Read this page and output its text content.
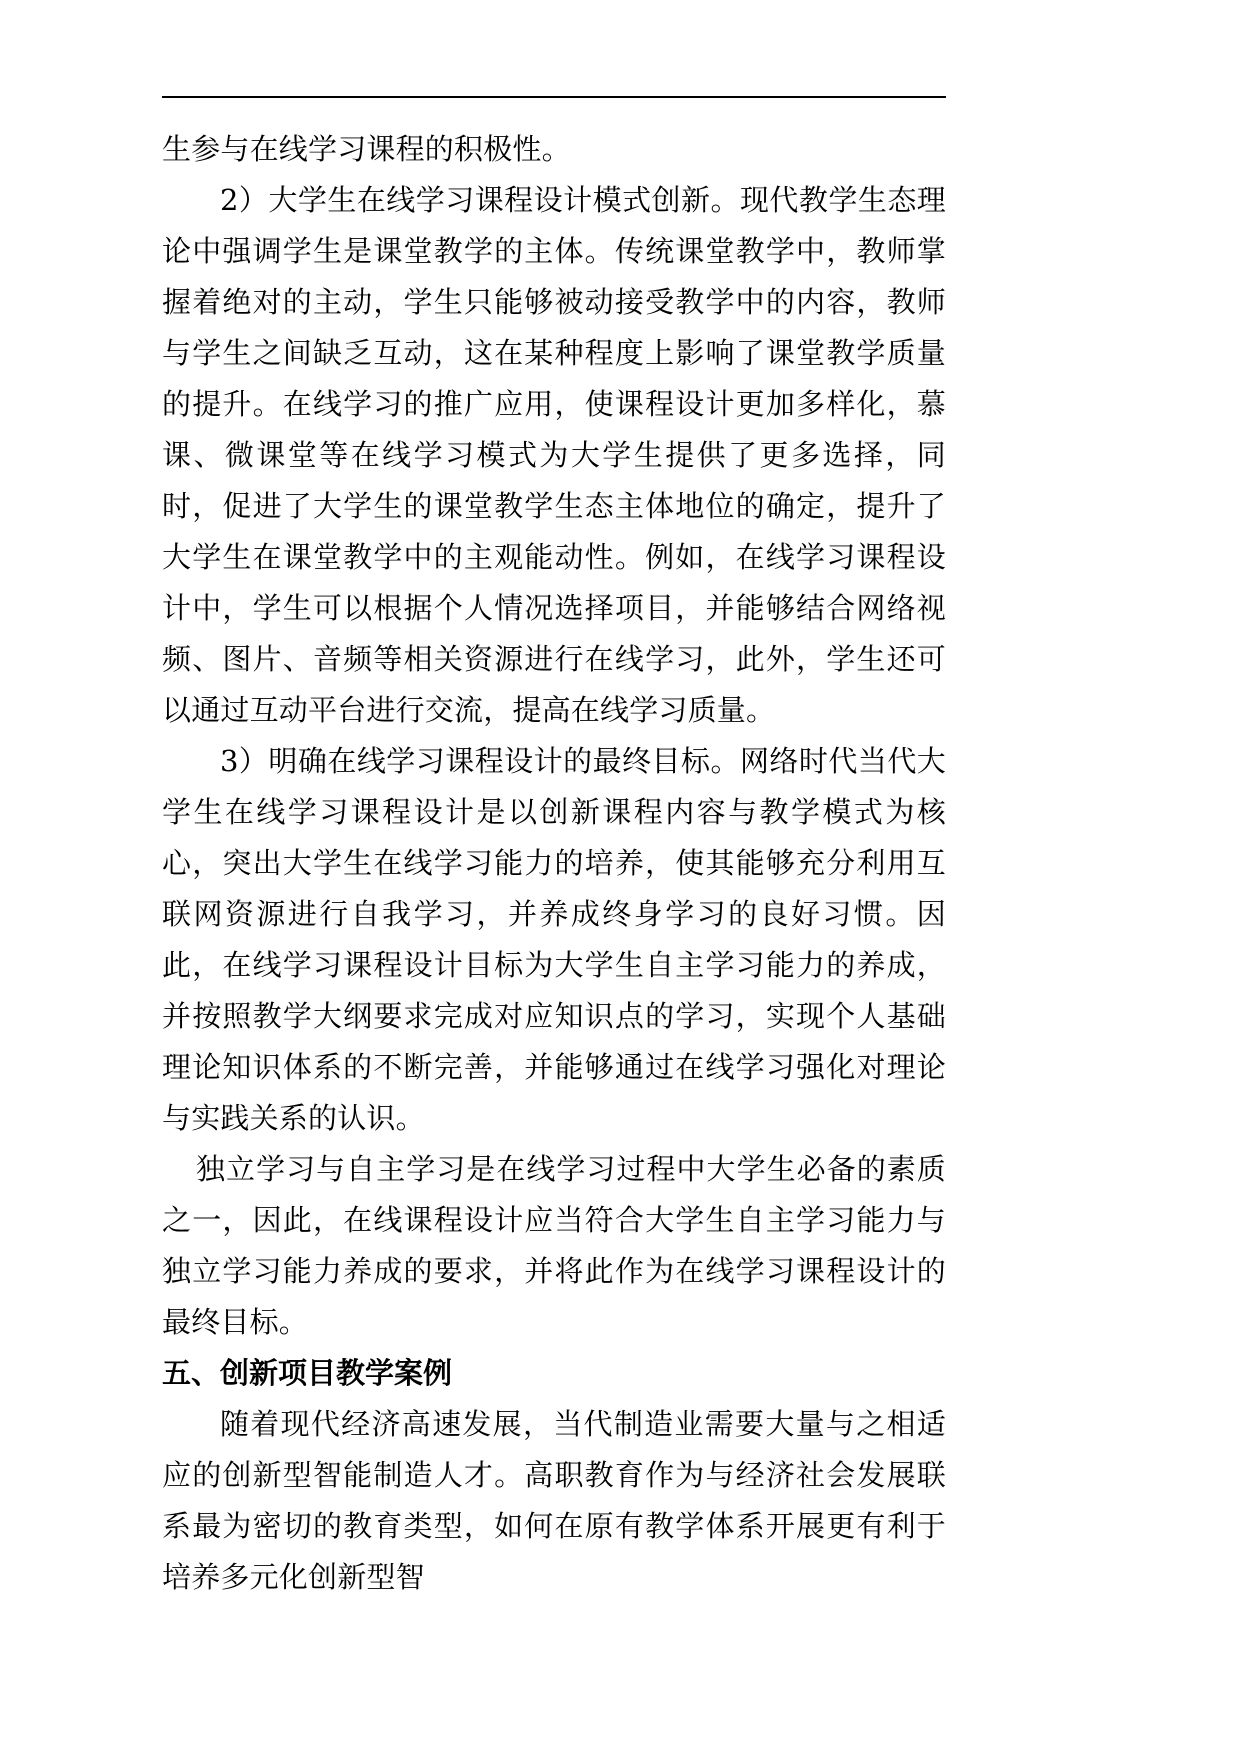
生参与在线学习课程的积极性。

2）大学生在线学习课程设计模式创新。现代教学生态理论中强调学生是课堂教学的主体。传统课堂教学中，教师掌握着绝对的主动，学生只能够被动接受教学中的内容，教师与学生之间缺乏互动，这在某种程度上影响了课堂教学质量的提升。在线学习的推广应用，使课程设计更加多样化，慕课、微课堂等在线学习模式为大学生提供了更多选择，同时，促进了大学生的课堂教学生态主体地位的确定，提升了大学生在课堂教学中的主观能动性。例如，在线学习课程设计中，学生可以根据个人情况选择项目，并能够结合网络视频、图片、音频等相关资源进行在线学习，此外，学生还可以通过互动平台进行交流，提高在线学习质量。

3）明确在线学习课程设计的最终目标。网络时代当代大学生在线学习课程设计是以创新课程内容与教学模式为核心，突出大学生在线学习能力的培养，使其能够充分利用互联网资源进行自我学习，并养成终身学习的良好习惯。因此，在线学习课程设计目标为大学生自主学习能力的养成，并按照教学大纲要求完成对应知识点的学习，实现个人基础理论知识体系的不断完善，并能够通过在线学习强化对理论与实践关系的认识。

独立学习与自主学习是在线学习过程中大学生必备的素质之一，因此，在线课程设计应当符合大学生自主学习能力与独立学习能力养成的要求，并将此作为在线学习课程设计的最终目标。

五、创新项目教学案例

随着现代经济高速发展，当代制造业需要大量与之相适应的创新型智能制造人才。高职教育作为与经济社会发展联系最为密切的教育类型，如何在原有教学体系开展更有利于培养多元化创新型智
